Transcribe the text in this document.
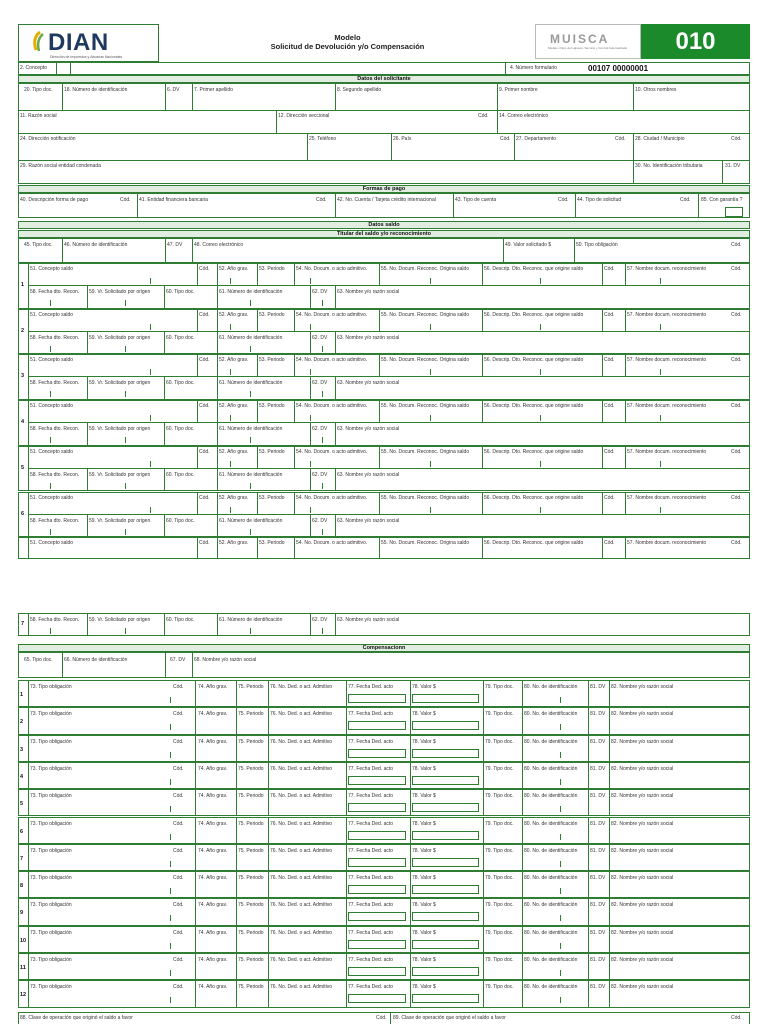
DIAN
Dirección de Impuestos y Aduanas Nacionales
Modelo
Solicitud de Devolución y/o Compensación
MUISCA
Modelo Único de Ingresos, Servicio y Control Automatizado	010
2. Concepto	4. Número formulario	00107 00000001
Datos del solicitante
20. Tipo doc. 18. Número de identificación	6. DV	7. Primer apellido	8. Segundo apellido	9. Primer nombre	10. Otros nombres
11. Razón social	12. Dirección seccional	Cód. 14. Correo electrónico
24. Dirección notificación	25. Teléfono	26. País	Cód. 27. Departamento	Cód. 28. Ciudad / Municipio	Cód.
29. Razón social entidad condenada	30. No. Identificación tributaria	31. DV
Formas de pago
40. Descripción forma de pago	Cód. 41. Entidad financiera bancaria	Cód. 42. No. Cuenta / Tarjeta crédito internacional	43. Tipo de cuenta	Cód. 44. Tipo de solicitud	Cód. 85. Con garantía ?
Datos saldo
Titular del saldo y/o reconocimiento
45. Tipo doc. 46. Número de identificación	47. DV 48. Correo electrónico	49. Valor solicitado $	50. Tipo obligación	Cód.
1
51. Concepto saldo	Cód. 52. Año grav. 53. Periodo 54. No. Docum. o acto admitivo.	55. No. Docum. Reconoc. Origina saldo	56. Descrip. Dto. Reconoc. que origine saldo	Cód. 57. Nombre docum. reconocimiento	Cód.
58. Fecha dto. Recon. 59. Vr. Solicitado por origen	60. Tipo doc.	61. Número de identificación	62. DV 63. Nombre y/o razón social
2
51. Concepto saldo	Cód. 52. Año grav. 53. Periodo 54. No. Docum. o acto admitivo.	55. No. Docum. Reconoc. Origina saldo	56. Descrip. Dto. Reconoc. que origine saldo	Cód. 57. Nombre docum. reconocimiento	Cód.
58. Fecha dto. Recon. 59. Vr. Solicitado por origen	60. Tipo doc.	61. Número de identificación	62. DV 63. Nombre y/o razón social
3
51. Concepto saldo	Cód. 52. Año grav. 53. Periodo 54. No. Docum. o acto admitivo.	55. No. Docum. Reconoc. Origina saldo	56. Descrip. Dto. Reconoc. que origine saldo	Cód. 57. Nombre docum. reconocimiento	Cód.
58. Fecha dto. Recon. 59. Vr. Solicitado por origen	60. Tipo doc.	61. Número de identificación	62. DV 63. Nombre y/o razón social
4
51. Concepto saldo	Cód. 52. Año grav. 53. Periodo 54. No. Docum. o acto admitivo.	55. No. Docum. Reconoc. Origina saldo	56. Descrip. Dto. Reconoc. que origine saldo	Cód. 57. Nombre docum. reconocimiento	Cód.
58. Fecha dto. Recon. 59. Vr. Solicitado por origen	60. Tipo doc.	61. Número de identificación	62. DV 63. Nombre y/o razón social
5
51. Concepto saldo	Cód. 52. Año grav. 53. Periodo 54. No. Docum. o acto admitivo.	55. No. Docum. Reconoc. Origina saldo	56. Descrip. Dto. Reconoc. que origine saldo	Cód. 57. Nombre docum. reconocimiento	Cód.
58. Fecha dto. Recon. 59. Vr. Solicitado por origen	60. Tipo doc.	61. Número de identificación	62. DV 63. Nombre y/o razón social
6
51. Concepto saldo	Cód. 52. Año grav. 53. Periodo 54. No. Docum. o acto admitivo.	55. No. Docum. Reconoc. Origina saldo	56. Descrip. Dto. Reconoc. que origine saldo	Cód. 57. Nombre docum. reconocimiento	Cód.
58. Fecha dto. Recon. 59. Vr. Solicitado por origen	60. Tipo doc.	61. Número de identificación	62. DV 63. Nombre y/o razón social
51. Concepto saldo	Cód. 52. Año grav. 53. Periodo 54. No. Docum. o acto admitivo.	55. No. Docum. Reconoc. Origina saldo	56. Descrip. Dto. Reconoc. que origine saldo	Cód. 57. Nombre docum. reconocimiento	Cód.
7
58. Fecha dto. Recon. 59. Vr. Solicitado por origen	60. Tipo doc.	61. Número de identificación	62. DV 63. Nombre y/o razón social
Compensacionn
65. Tipo doc. 66. Número de identificación	67. DV 68. Nombre y/o razón social
1
73. Tipo obligación	Cód.	74. Año grav. 75. Periodo 76. No. Ded. o act. Admitivo	77. Fecha Ded. acto	78. Valor $	79. Tipo doc. 80. No. de identificación	81. DV 82. Nombre y/o razón social
2
73. Tipo obligación	Cód.	74. Año grav. 75. Periodo 76. No. Ded. o act. Admitivo	77. Fecha Ded. acto	78. Valor $	79. Tipo doc. 80. No. de identificación	81. DV 82. Nombre y/o razón social
3
73. Tipo obligación	Cód.	74. Año grav. 75. Periodo 76. No. Ded. o act. Admitivo	77. Fecha Ded. acto	78. Valor $	79. Tipo doc. 80. No. de identificación	81. DV 82. Nombre y/o razón social
4
73. Tipo obligación	Cód.	74. Año grav. 75. Periodo 76. No. Ded. o act. Admitivo	77. Fecha Ded. acto	78. Valor $	79. Tipo doc. 80. No. de identificación	81. DV 82. Nombre y/o razón social
5
73. Tipo obligación	Cód.	74. Año grav. 75. Periodo 76. No. Ded. o act. Admitivo	77. Fecha Ded. acto	78. Valor $	79. Tipo doc. 80. No. de identificación	81. DV 82. Nombre y/o razón social
6
73. Tipo obligación	Cód.	74. Año grav. 75. Periodo 76. No. Ded. o act. Admitivo	77. Fecha Ded. acto	78. Valor $	79. Tipo doc. 80. No. de identificación	81. DV 82. Nombre y/o razón social
7
73. Tipo obligación	Cód.	74. Año grav. 75. Periodo 76. No. Ded. o act. Admitivo	77. Fecha Ded. acto	78. Valor $	79. Tipo doc. 80. No. de identificación	81. DV 82. Nombre y/o razón social
8
73. Tipo obligación	Cód.	74. Año grav. 75. Periodo 76. No. Ded. o act. Admitivo	77. Fecha Ded. acto	78. Valor $	79. Tipo doc. 80. No. de identificación	81. DV 82. Nombre y/o razón social
9
73. Tipo obligación	Cód.	74. Año grav. 75. Periodo 76. No. Ded. o act. Admitivo	77. Fecha Ded. acto	78. Valor $	79. Tipo doc. 80. No. de identificación	81. DV 82. Nombre y/o razón social
10
73. Tipo obligación	Cód.	74. Año grav. 75. Periodo 76. No. Ded. o act. Admitivo	77. Fecha Ded. acto	78. Valor $	79. Tipo doc. 80. No. de identificación	81. DV 82. Nombre y/o razón social
11
73. Tipo obligación	Cód.	74. Año grav. 75. Periodo 76. No. Ded. o act. Admitivo	77. Fecha Ded. acto	78. Valor $	79. Tipo doc. 80. No. de identificación	81. DV 82. Nombre y/o razón social
12
73. Tipo obligación	Cód.	74. Año grav. 75. Periodo 76. No. Ded. o act. Admitivo	77. Fecha Ded. acto	78. Valor $	79. Tipo doc. 80. No. de identificación	81. DV 82. Nombre y/o razón social
88. Clase de operación que originó el saldo a favor	Cód. 89. Clase de operación que originó el saldo a favor	Cód.
